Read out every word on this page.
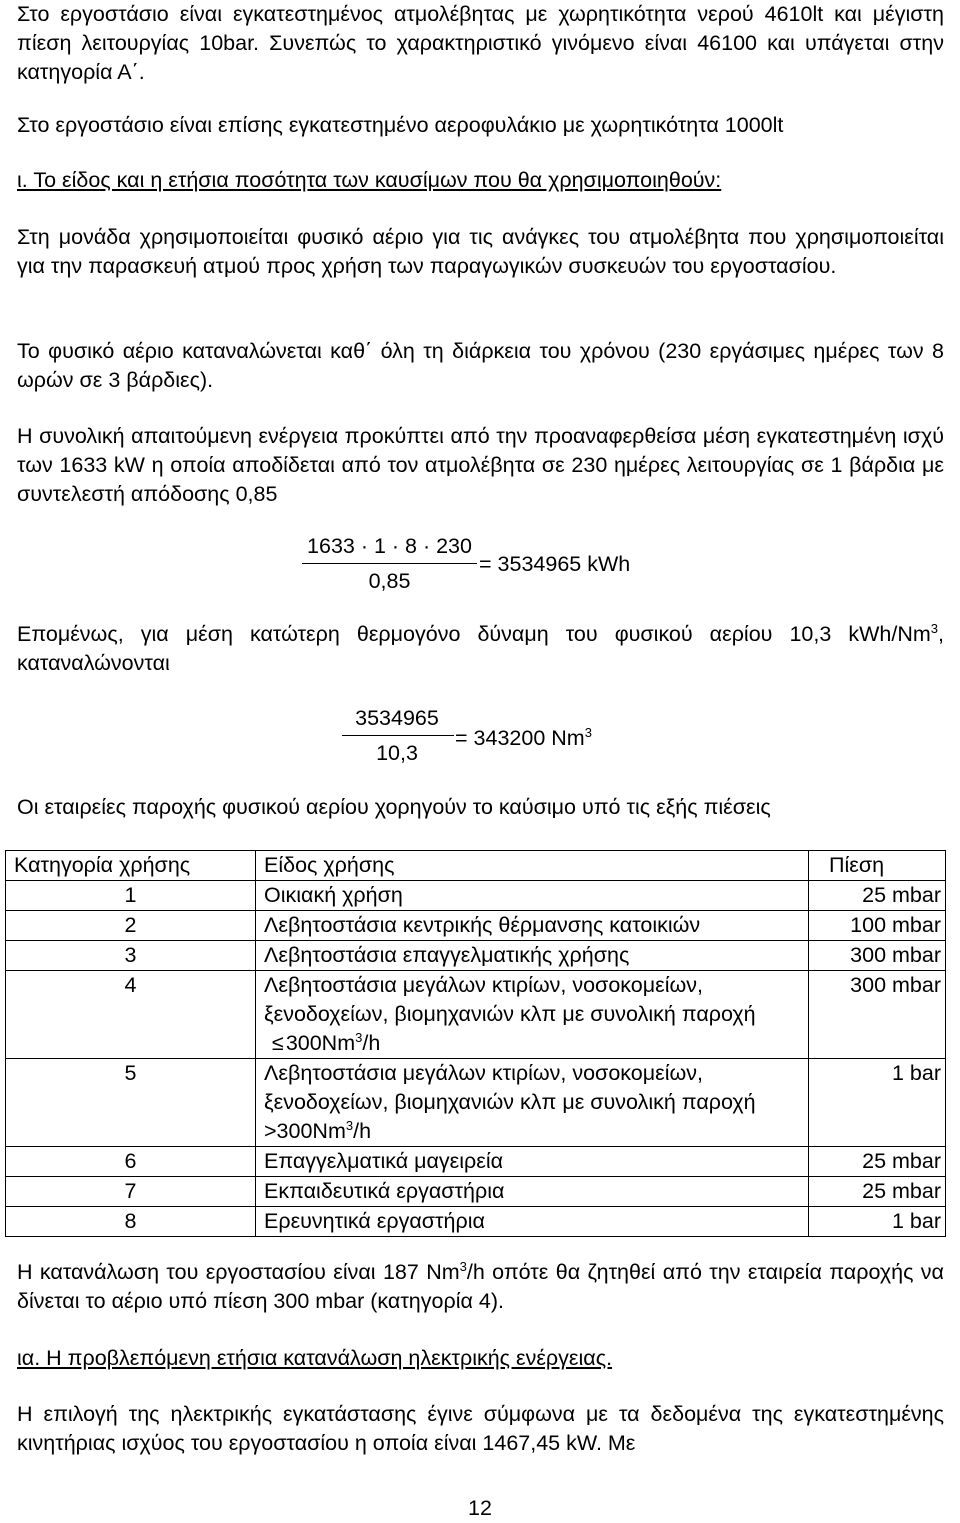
Στο εργοστάσιο είναι εγκατεστημένος ατμολέβητας με χωρητικότητα νερού 4610lt και μέγιστη πίεση λειτουργίας 10bar. Συνεπώς το χαρακτηριστικό γινόμενο είναι 46100 και υπάγεται στην κατηγορία Α΄.

Στο εργοστάσιο είναι επίσης εγκατεστημένο αεροφυλάκιο με χωρητικότητα 1000lt

ι. Το είδος και η ετήσια ποσότητα των καυσίμων που θα χρησιμοποιηθούν:

Στη μονάδα χρησιμοποιείται φυσικό αέριο για τις ανάγκες του ατμολέβητα που χρησιμοποιείται για την παρασκευή ατμού προς χρήση των παραγωγικών συσκευών του εργοστασίου.

Το φυσικό αέριο καταναλώνεται καθ΄ όλη τη διάρκεια του χρόνου (230 εργάσιμες ημέρες των 8 ωρών σε 3 βάρδιες).

Η συνολική απαιτούμενη ενέργεια προκύπτει από την προαναφερθείσα μέση εγκατεστημένη ισχύ των 1633 kW η οποία αποδίδεται από τον ατμολέβητα σε 230 ημέρες λειτουργίας σε 1 βάρδια με συντελεστή απόδοσης 0,85

1633 · 1 · 8 · 230
0,85
= 3534965 kWh

Επομένως, για μέση κατώτερη θερμογόνο δύναμη του φυσικού αερίου 10,3 kWh/Nm$^3$, καταναλώνονται

3534965
10,3
= 343200 Nm$^3$

Οι εταιρείες παροχής φυσικού αερίου χορηγούν το καύσιμο υπό τις εξής πιέσεις

Κατηγορία χρήσης	Είδος χρήσης	Πίεση
1	Οικιακή χρήση	25 mbar
2	Λεβητοστάσια κεντρικής θέρμανσης κατοικιών	100 mbar
3	Λεβητοστάσια επαγγελματικής χρήσης	300 mbar
4	Λεβητοστάσια μεγάλων κτιρίων, νοσοκομείων, ξενοδοχείων, βιομηχανιών κλπ με συνολική $\pi\alpha\rho o\chi ή \le 300Nm^3/h$	300 mbar
5	Λεβητοστάσια μεγάλων κτιρίων, νοσοκομείων, ξενοδοχείων, βιομηχανιών κλπ με συνολική $\pi\alpha\rho o\chi ή >300Nm^3/h$	1 bar
6	Επαγγελματικά μαγειρεία	25 mbar
7	Εκπαιδευτικά εργαστήρια	25 mbar
8	Ερευνητικά εργαστήρια	1 bar

Η κατανάλωση του εργοστασίου είναι 187 Nm$^3$/h οπότε θα ζητηθεί από την εταιρεία παροχής να δίνεται το αέριο υπό πίεση 300 mbar (κατηγορία 4).

ια. Η προβλεπόμενη ετήσια κατανάλωση ηλεκτρικής ενέργειας.

Η επιλογή της ηλεκτρικής εγκατάστασης έγινε σύμφωνα με τα δεδομένα της εγκατεστημένης κινητήριας ισχύος του εργοστασίου η οποία είναι 1467,45 kW. Με

12
